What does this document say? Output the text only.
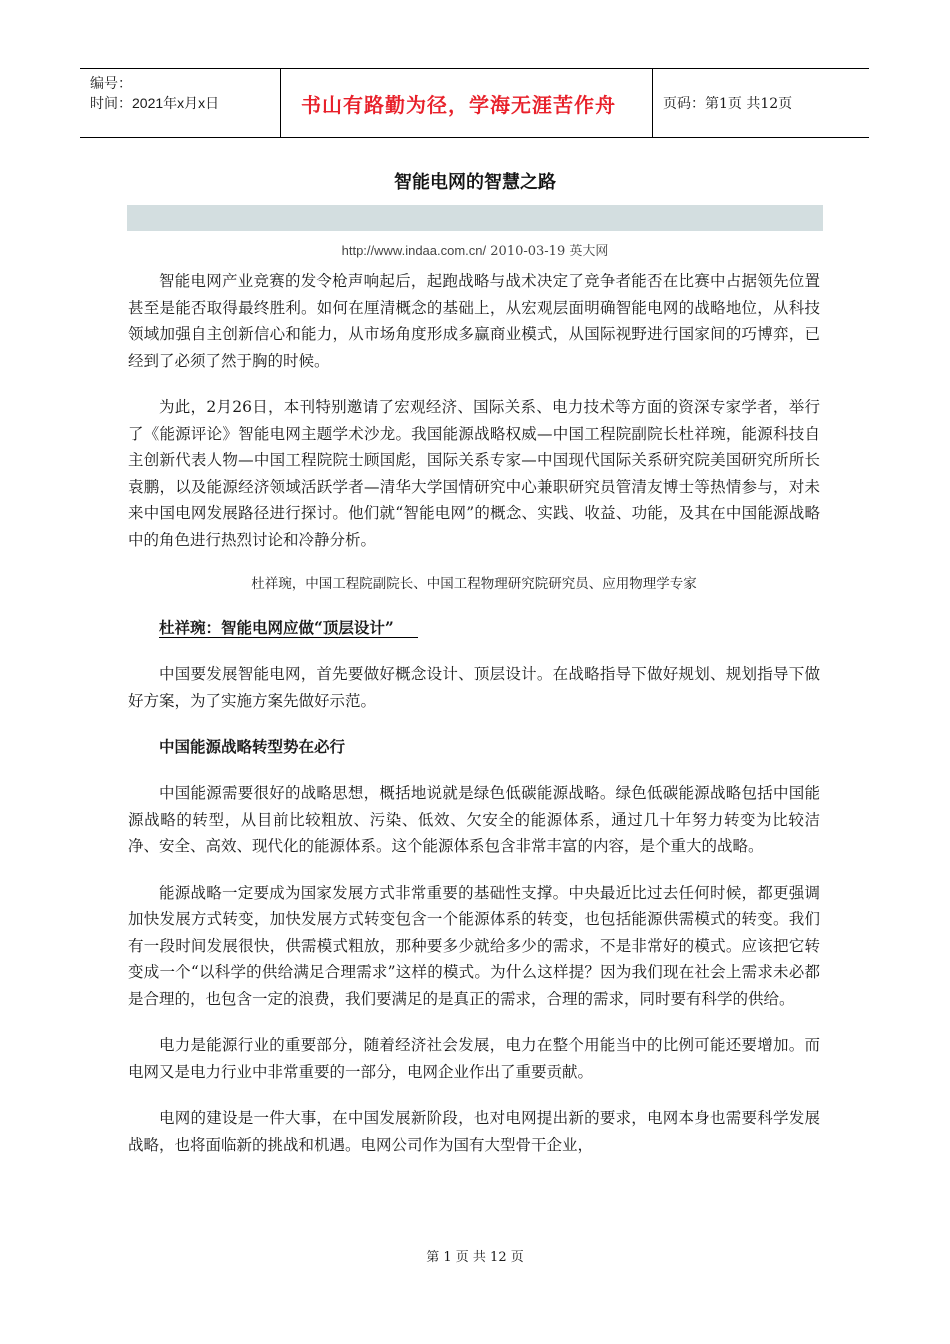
编号：
时间：2021年x月x日	书山有路勤为径，学海无涯苦作舟	页码：第1页 共12页
智能电网的智慧之路
http://www.indaa.com.cn/ 2010-03-19 英大网

智能电网产业竞赛的发令枪声响起后，起跑战略与战术决定了竞争者能否在比赛中占据领先位置甚至是能否取得最终胜利。如何在厘清概念的基础上，从宏观层面明确智能电网的战略地位，从科技领域加强自主创新信心和能力，从市场角度形成多赢商业模式，从国际视野进行国家间的巧博弈，已经到了必须了然于胸的时候。

为此，2月26日，本刊特别邀请了宏观经济、国际关系、电力技术等方面的资深专家学者，举行了《能源评论》智能电网主题学术沙龙。我国能源战略权威—中国工程院副院长杜祥琬，能源科技自主创新代表人物—中国工程院院士顾国彪，国际关系专家—中国现代国际关系研究院美国研究所所长袁鹏，以及能源经济领域活跃学者—清华大学国情研究中心兼职研究员管清友博士等热情参与，对未来中国电网发展路径进行探讨。他们就“智能电网”的概念、实践、收益、功能，及其在中国能源战略中的角色进行热烈讨论和冷静分析。

杜祥琬，中国工程院副院长、中国工程物理研究院研究员、应用物理学专家

杜祥琬：智能电网应做“顶层设计”

中国要发展智能电网，首先要做好概念设计、顶层设计。在战略指导下做好规划、规划指导下做好方案，为了实施方案先做好示范。

中国能源战略转型势在必行

中国能源需要很好的战略思想，概括地说就是绿色低碳能源战略。绿色低碳能源战略包括中国能源战略的转型，从目前比较粗放、污染、低效、欠安全的能源体系，通过几十年努力转变为比较洁净、安全、高效、现代化的能源体系。这个能源体系包含非常丰富的内容，是个重大的战略。

能源战略一定要成为国家发展方式非常重要的基础性支撑。中央最近比过去任何时候，都更强调加快发展方式转变，加快发展方式转变包含一个能源体系的转变，也包括能源供需模式的转变。我们有一段时间发展很快，供需模式粗放，那种要多少就给多少的需求，不是非常好的模式。应该把它转变成一个“以科学的供给满足合理需求”这样的模式。为什么这样提？因为我们现在社会上需求未必都是合理的，也包含一定的浪费，我们要满足的是真正的需求，合理的需求，同时要有科学的供给。

电力是能源行业的重要部分，随着经济社会发展，电力在整个用能当中的比例可能还要增加。而电网又是电力行业中非常重要的一部分，电网企业作出了重要贡献。

电网的建设是一件大事，在中国发展新阶段，也对电网提出新的要求，电网本身也需要科学发展战略，也将面临新的挑战和机遇。电网公司作为国有大型骨干企业，

第 1 页 共 12 页
